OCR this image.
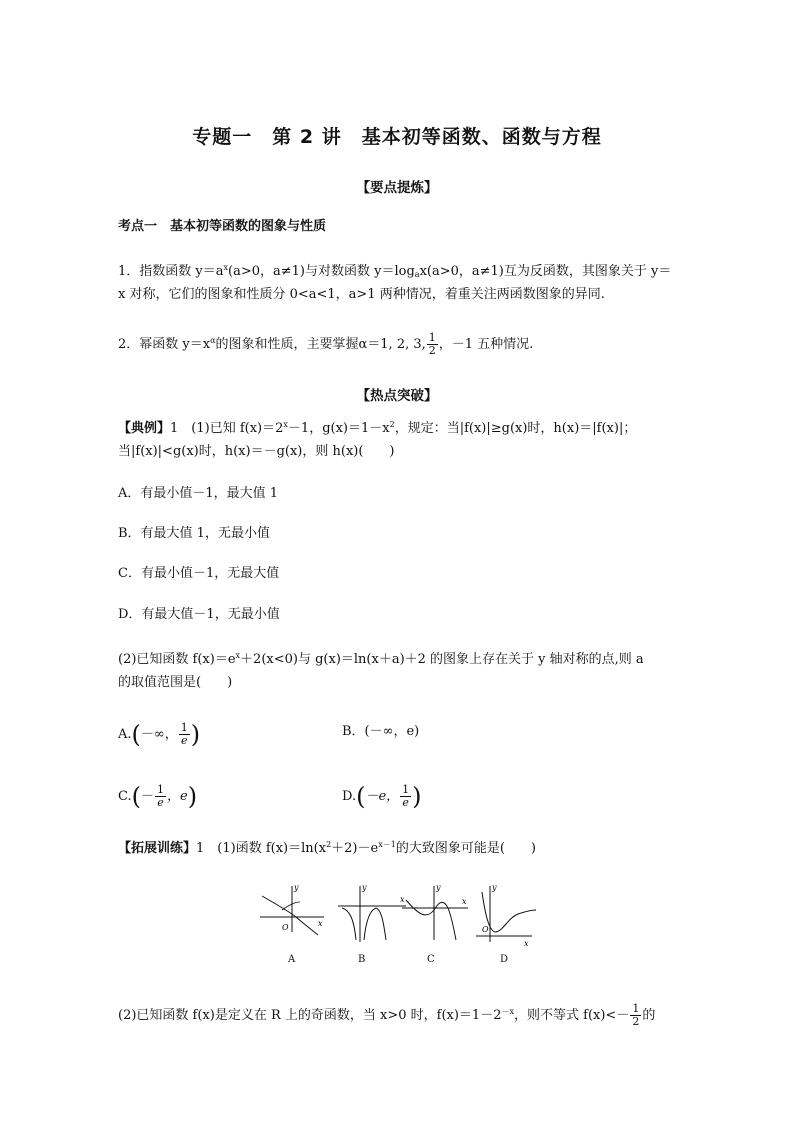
专题一　第 2 讲　基本初等函数、函数与方程
【要点提炼】
考点一　基本初等函数的图象与性质
1．指数函数 $y=a^x(a>0$，a≠1)与对数函数 $y=\log_ax(a>0$，a≠1)互为反函数，其图象关于 y＝
x 对称，它们的图象和性质分 0<a<1，a>1 两种情况，着重关注两函数图象的异同.
2．幂函数 $y=x^\alpha$的图象和性质，主要掌握α＝1, 2, 3, $\frac{1}{2}$ ，－1 五种情况.
【热点突破】
【典例】1　(1)已知 $f(x)=2^x-1$，$g(x)=1-x^2$，规定：当|f(x)|≥g(x)时，h(x)＝|f(x)|；
当|f(x)|<g(x)时，h(x)＝－g(x)，则 h(x)(　　)
A．有最小值－1，最大值 1
B．有最大值 1，无最小值
C．有最小值－1，无最大值
D．有最大值－1，无最小值
(2)已知函数 $f(x)=e^x+2(x<0)$与 g(x)＝ln(x＋a)＋2 的图象上存在关于 y 轴对称的点,则 a
的取值范围是(　　)
A.(－∞， $\frac{1}{e}$ )	B．(－∞，e)
$C.(- \frac{1}{e}$ ，e)	D.(－e， $\frac{1}{e}$ )
【拓展训练】1　(1)函数 $f(x)=\ln(x^2+2)-e^{x-1}$的大致图象可能是(　　)
y
x
O
y
x
y
x
y
x
O
A	B	C	D
(2)已知函数 f(x)是定义在 R 上的奇函数，当 x>0 时，$f(x)=1-2^{-x}$，则不等式 $f(x)<- \frac{1}{2}$ 的
